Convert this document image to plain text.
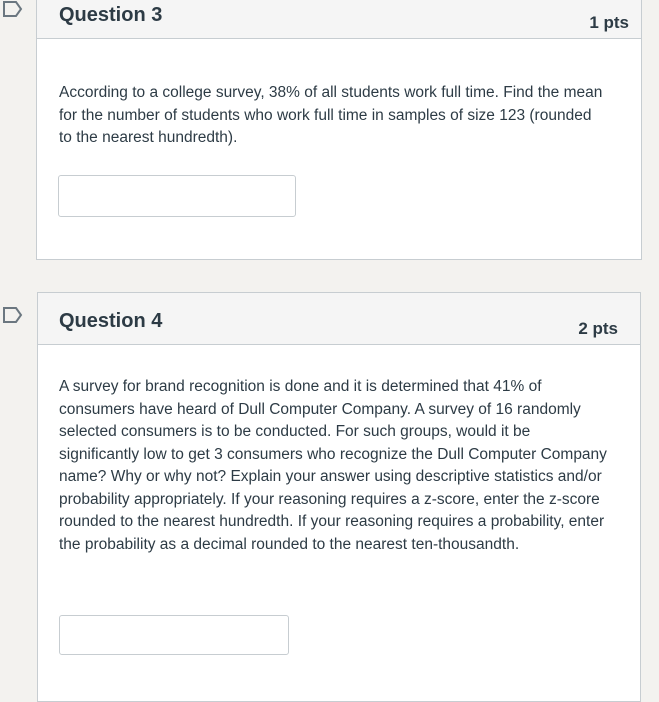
Question 3	1 pts
According to a college survey, 38% of all students work full time. Find the mean for the number of students who work full time in samples of size 123 (rounded to the nearest hundredth).
Question 4	2 pts
A survey for brand recognition is done and it is determined that 41% of consumers have heard of Dull Computer Company. A survey of 16 randomly selected consumers is to be conducted. For such groups, would it be significantly low to get 3 consumers who recognize the Dull Computer Company name? Why or why not? Explain your answer using descriptive statistics and/or probability appropriately. If your reasoning requires a z-score, enter the z-score rounded to the nearest hundredth. If your reasoning requires a probability, enter the probability as a decimal rounded to the nearest ten-thousandth.
